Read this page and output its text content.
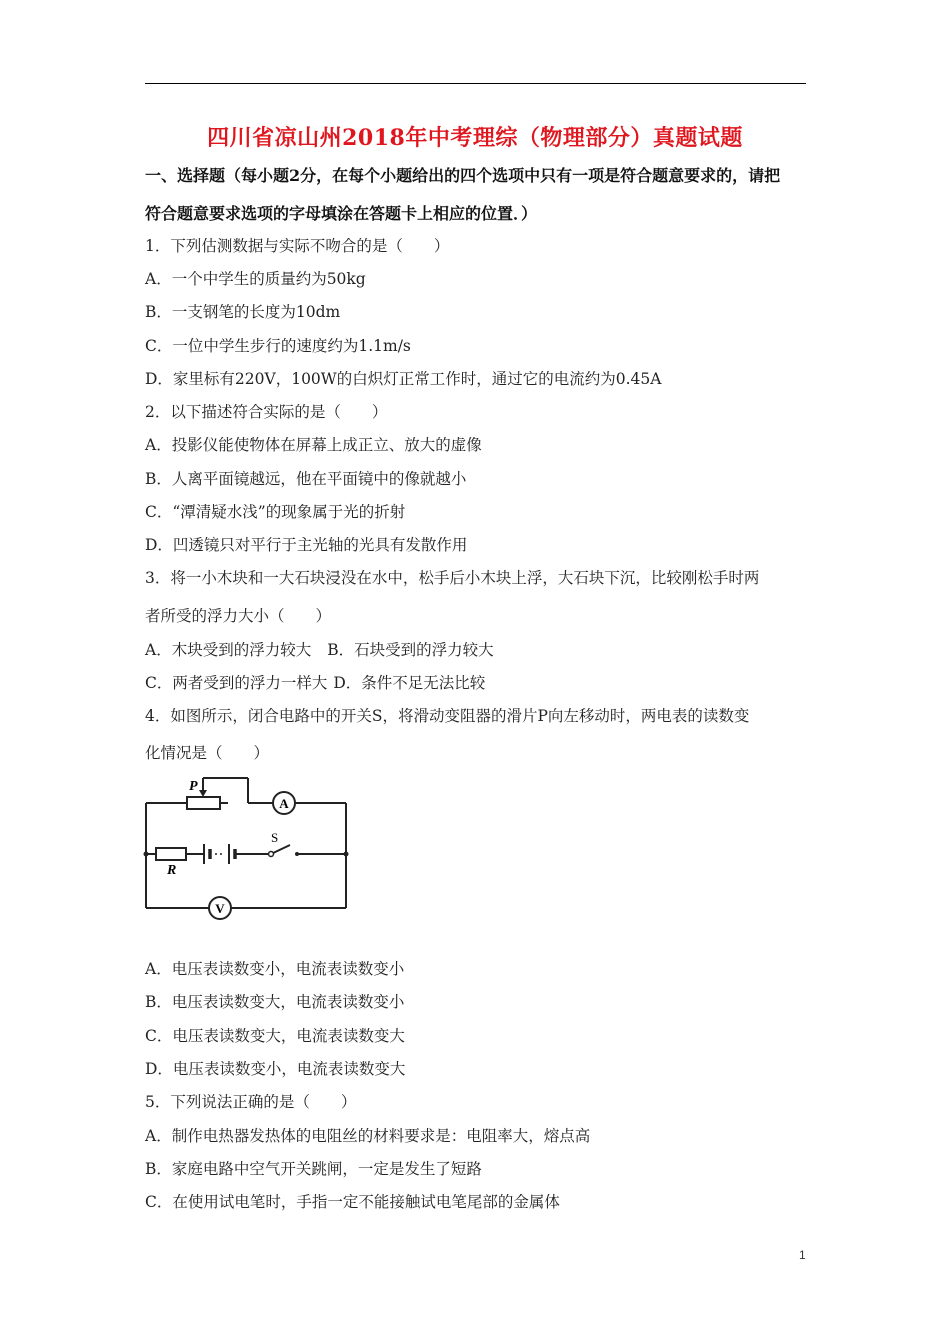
四川省凉山州2018年中考理综（物理部分）真题试题
一、选择题（每小题2分，在每个小题给出的四个选项中只有一项是符合题意要求的，请把
符合题意要求选项的字母填涂在答题卡上相应的位置．）
1．下列估测数据与实际不吻合的是（　　）
A．一个中学生的质量约为50kg
B．一支钢笔的长度为10dm
C．一位中学生步行的速度约为1.1m/s
D．家里标有220V，100W的白炽灯正常工作时，通过它的电流约为0.45A
2．以下描述符合实际的是（　　）
A．投影仪能使物体在屏幕上成正立、放大的虚像
B．人离平面镜越远，他在平面镜中的像就越小
C．“潭清疑水浅”的现象属于光的折射
D．凹透镜只对平行于主光轴的光具有发散作用
3．将一小木块和一大石块浸没在水中，松手后小木块上浮，大石块下沉，比较刚松手时两
者所受的浮力大小（　　）
A．木块受到的浮力较大 B．石块受到的浮力较大
C．两者受到的浮力一样大 D．条件不足无法比较
4．如图所示，闭合电路中的开关S，将滑动变阻器的滑片P向左移动时，两电表的读数变
化情况是（　　）
P
R
S
A
V
A．电压表读数变小，电流表读数变小
B．电压表读数变大，电流表读数变小
C．电压表读数变大，电流表读数变大
D．电压表读数变小，电流表读数变大
5．下列说法正确的是（　　）
A．制作电热器发热体的电阻丝的材料要求是：电阻率大，熔点高
B．家庭电路中空气开关跳闸，一定是发生了短路
C．在使用试电笔时，手指一定不能接触试电笔尾部的金属体
1
